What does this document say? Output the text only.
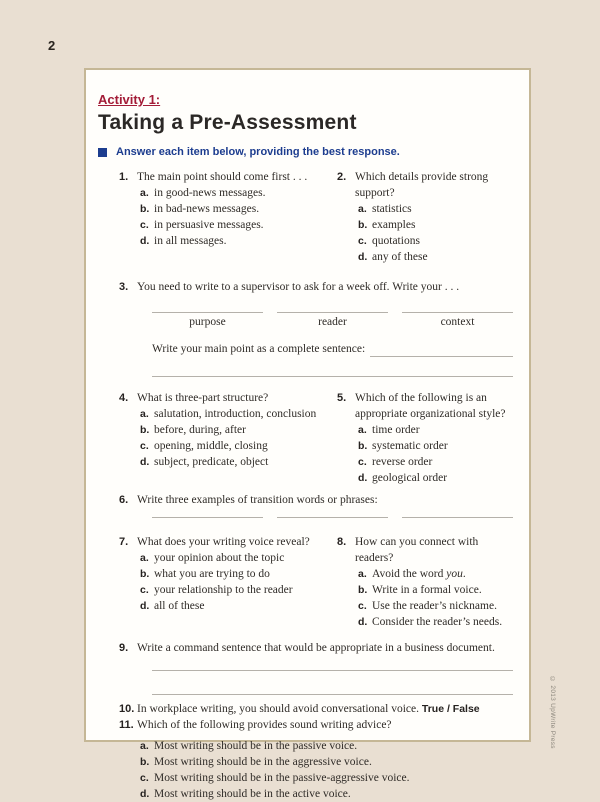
2
Activity 1:
Taking a Pre-Assessment
Answer each item below, providing the best response.
1. The main point should come first . . .
a. in good-news messages.
b. in bad-news messages.
c. in persuasive messages.
d. in all messages.
2. Which details provide strong support?
a. statistics
b. examples
c. quotations
d. any of these
3. You need to write to a supervisor to ask for a week off. Write your . . .
purpose	reader	context
Write your main point as a complete sentence:
4. What is three-part structure?
a. salutation, introduction, conclusion
b. before, during, after
c. opening, middle, closing
d. subject, predicate, object
5. Which of the following is an appropriate organizational style?
a. time order
b. systematic order
c. reverse order
d. geological order
6. Write three examples of transition words or phrases:
7. What does your writing voice reveal?
a. your opinion about the topic
b. what you are trying to do
c. your relationship to the reader
d. all of these
8. How can you connect with readers?
a. Avoid the word you.
b. Write in a formal voice.
c. Use the reader’s nickname.
d. Consider the reader’s needs.
9. Write a command sentence that would be appropriate in a business document.
10. In workplace writing, you should avoid conversational voice. True / False
11. Which of the following provides sound writing advice?
a. Most writing should be in the passive voice.
b. Most writing should be in the aggressive voice.
c. Most writing should be in the passive-aggressive voice.
d. Most writing should be in the active voice.
© 2013 UpWrite Press
